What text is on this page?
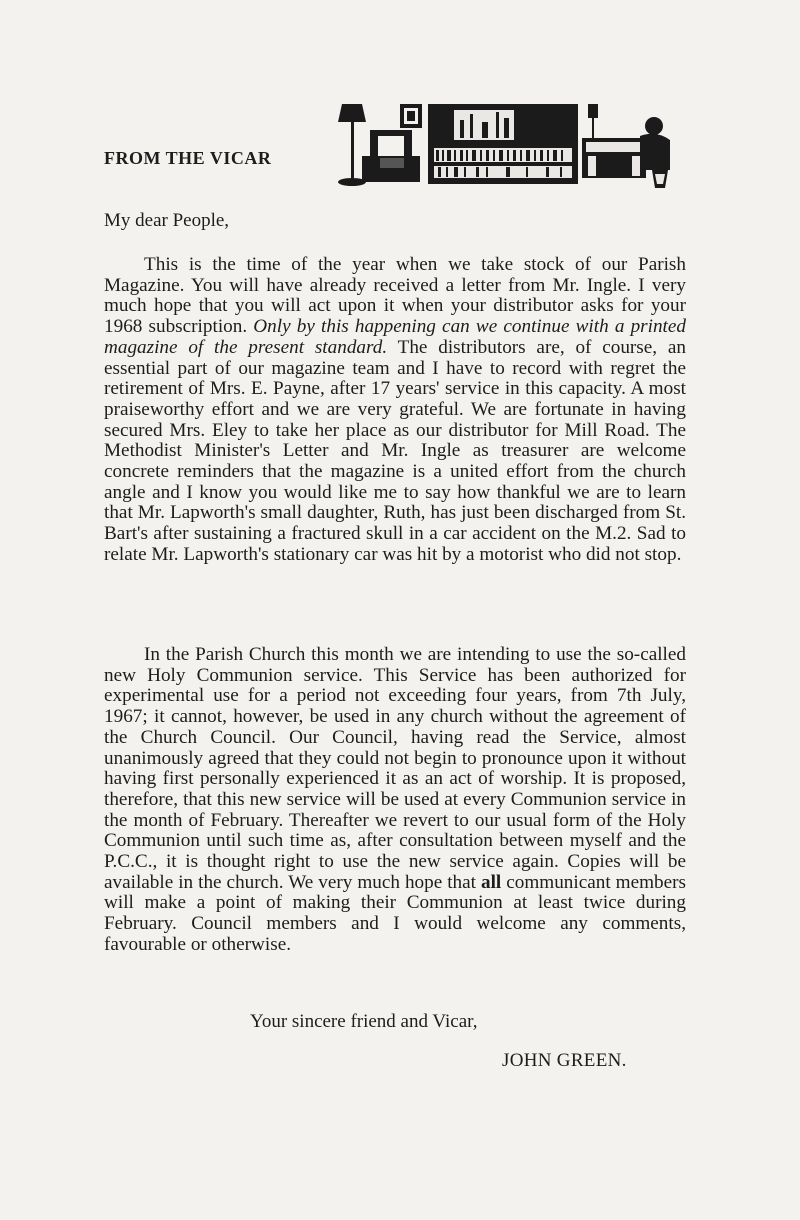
FROM THE VICAR
My dear People,

This is the time of the year when we take stock of our Parish Magazine. You will have already received a letter from Mr. Ingle. I very much hope that you will act upon it when your distributor asks for your 1968 subscription. Only by this happening can we continue with a printed magazine of the present standard. The distributors are, of course, an essential part of our magazine team and I have to record with regret the retirement of Mrs. E. Payne, after 17 years' service in this capacity. A most praiseworthy effort and we are very grateful. We are fortunate in having secured Mrs. Eley to take her place as our distributor for Mill Road. The Methodist Minister's Letter and Mr. Ingle as treasurer are welcome concrete reminders that the magazine is a united effort from the church angle and I know you would like me to say how thankful we are to learn that Mr. Lapworth's small daughter, Ruth, has just been discharged from St. Bart's after sustaining a fractured skull in a car accident on the M.2. Sad to relate Mr. Lapworth's stationary car was hit by a motorist who did not stop.

In the Parish Church this month we are intending to use the so-called new Holy Communion service. This Service has been authorized for experimental use for a period not exceeding four years, from 7th July, 1967; it cannot, however, be used in any church without the agreement of the Church Council. Our Council, having read the Service, almost unanimously agreed that they could not begin to pronounce upon it without having first personally experienced it as an act of worship. It is proposed, therefore, that this new service will be used at every Communion service in the month of February. Thereafter we revert to our usual form of the Holy Communion until such time as, after consultation between myself and the P.C.C., it is thought right to use the new service again. Copies will be available in the church. We very much hope that all communicant members will make a point of making their Communion at least twice during February. Council members and I would welcome any comments, favourable or otherwise.

Your sincere friend and Vicar,
JOHN GREEN.
